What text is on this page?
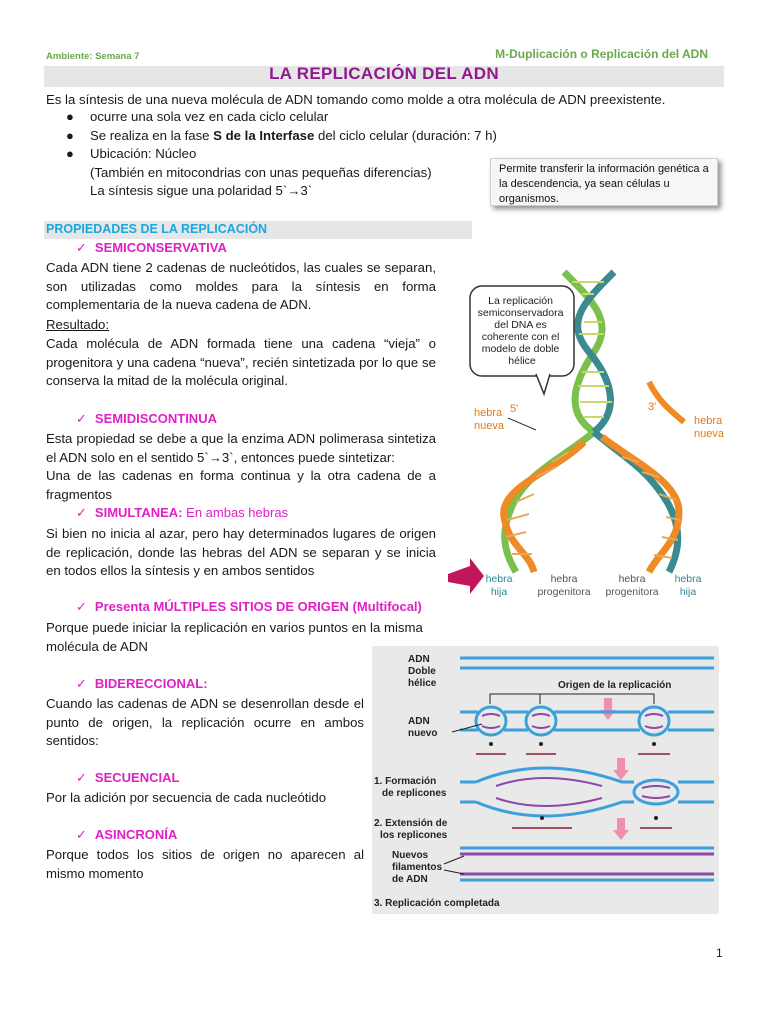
Ambiente: Semana 7	M-Duplicación o Replicación del ADN
LA REPLICACIÓN DEL ADN
Es la síntesis de una nueva molécula de ADN tomando como molde a otra molécula de ADN preexistente.
● ocurre una sola vez en cada ciclo celular
● Se realiza en la fase S de la Interfase del ciclo celular (duración: 7 h)
● Ubicación: Núcleo
(También en mitocondrias con unas pequeñas diferencias)
La síntesis sigue una polaridad 5`→3`
Permite transferir la información genética a la descendencia, ya sean células u organismos.
PROPIEDADES DE LA REPLICACIÓN
✓ SEMICONSERVATIVA
Cada ADN tiene 2 cadenas de nucleótidos, las cuales se separan, son utilizadas como moldes para la síntesis en forma complementaria de la nueva cadena de ADN.
Resultado:
Cada molécula de ADN formada tiene una cadena “vieja” o progenitora y una cadena “nueva”, recién sintetizada por lo que se conserva la mitad de la molécula original.
✓ SEMIDISCONTINUA
Esta propiedad se debe a que la enzima ADN polimerasa sintetiza el ADN solo en el sentido 5`→3`, entonces puede sintetizar:
Una de las cadenas en forma continua y la otra cadena de a fragmentos
✓ SIMULTANEA: En ambas hebras
Si bien no inicia al azar, pero hay determinados lugares de origen de replicación, donde las hebras del ADN se separan y se inicia en todos ellos la síntesis y en ambos sentidos
✓ Presenta MÚLTIPLES SITIOS DE ORIGEN (Multifocal)
Porque puede iniciar la replicación en varios puntos en la misma molécula de ADN
✓ BIDERECCIONAL:
Cuando las cadenas de ADN se desenrollan desde el punto de origen, la replicación ocurre en ambos sentidos:
✓ SECUENCIAL
Por la adición por secuencia de cada nucleótido
✓ ASINCRONÍA
Porque todos los sitios de origen no aparecen al mismo momento
La replicación semiconservadora del DNA es coherente con el modelo de doble hélice
hebra
nueva
5'	3'
hebra
nueva
hebra hija
hebra progenitora
hebra progenitora
hebra hija
ADN Doble hélice
ADN nuevo
Origen de la replicación
1. Formación de replicones
2. Extensión de los replicones
Nuevos filamentos de ADN
3. Replicación completada
1
